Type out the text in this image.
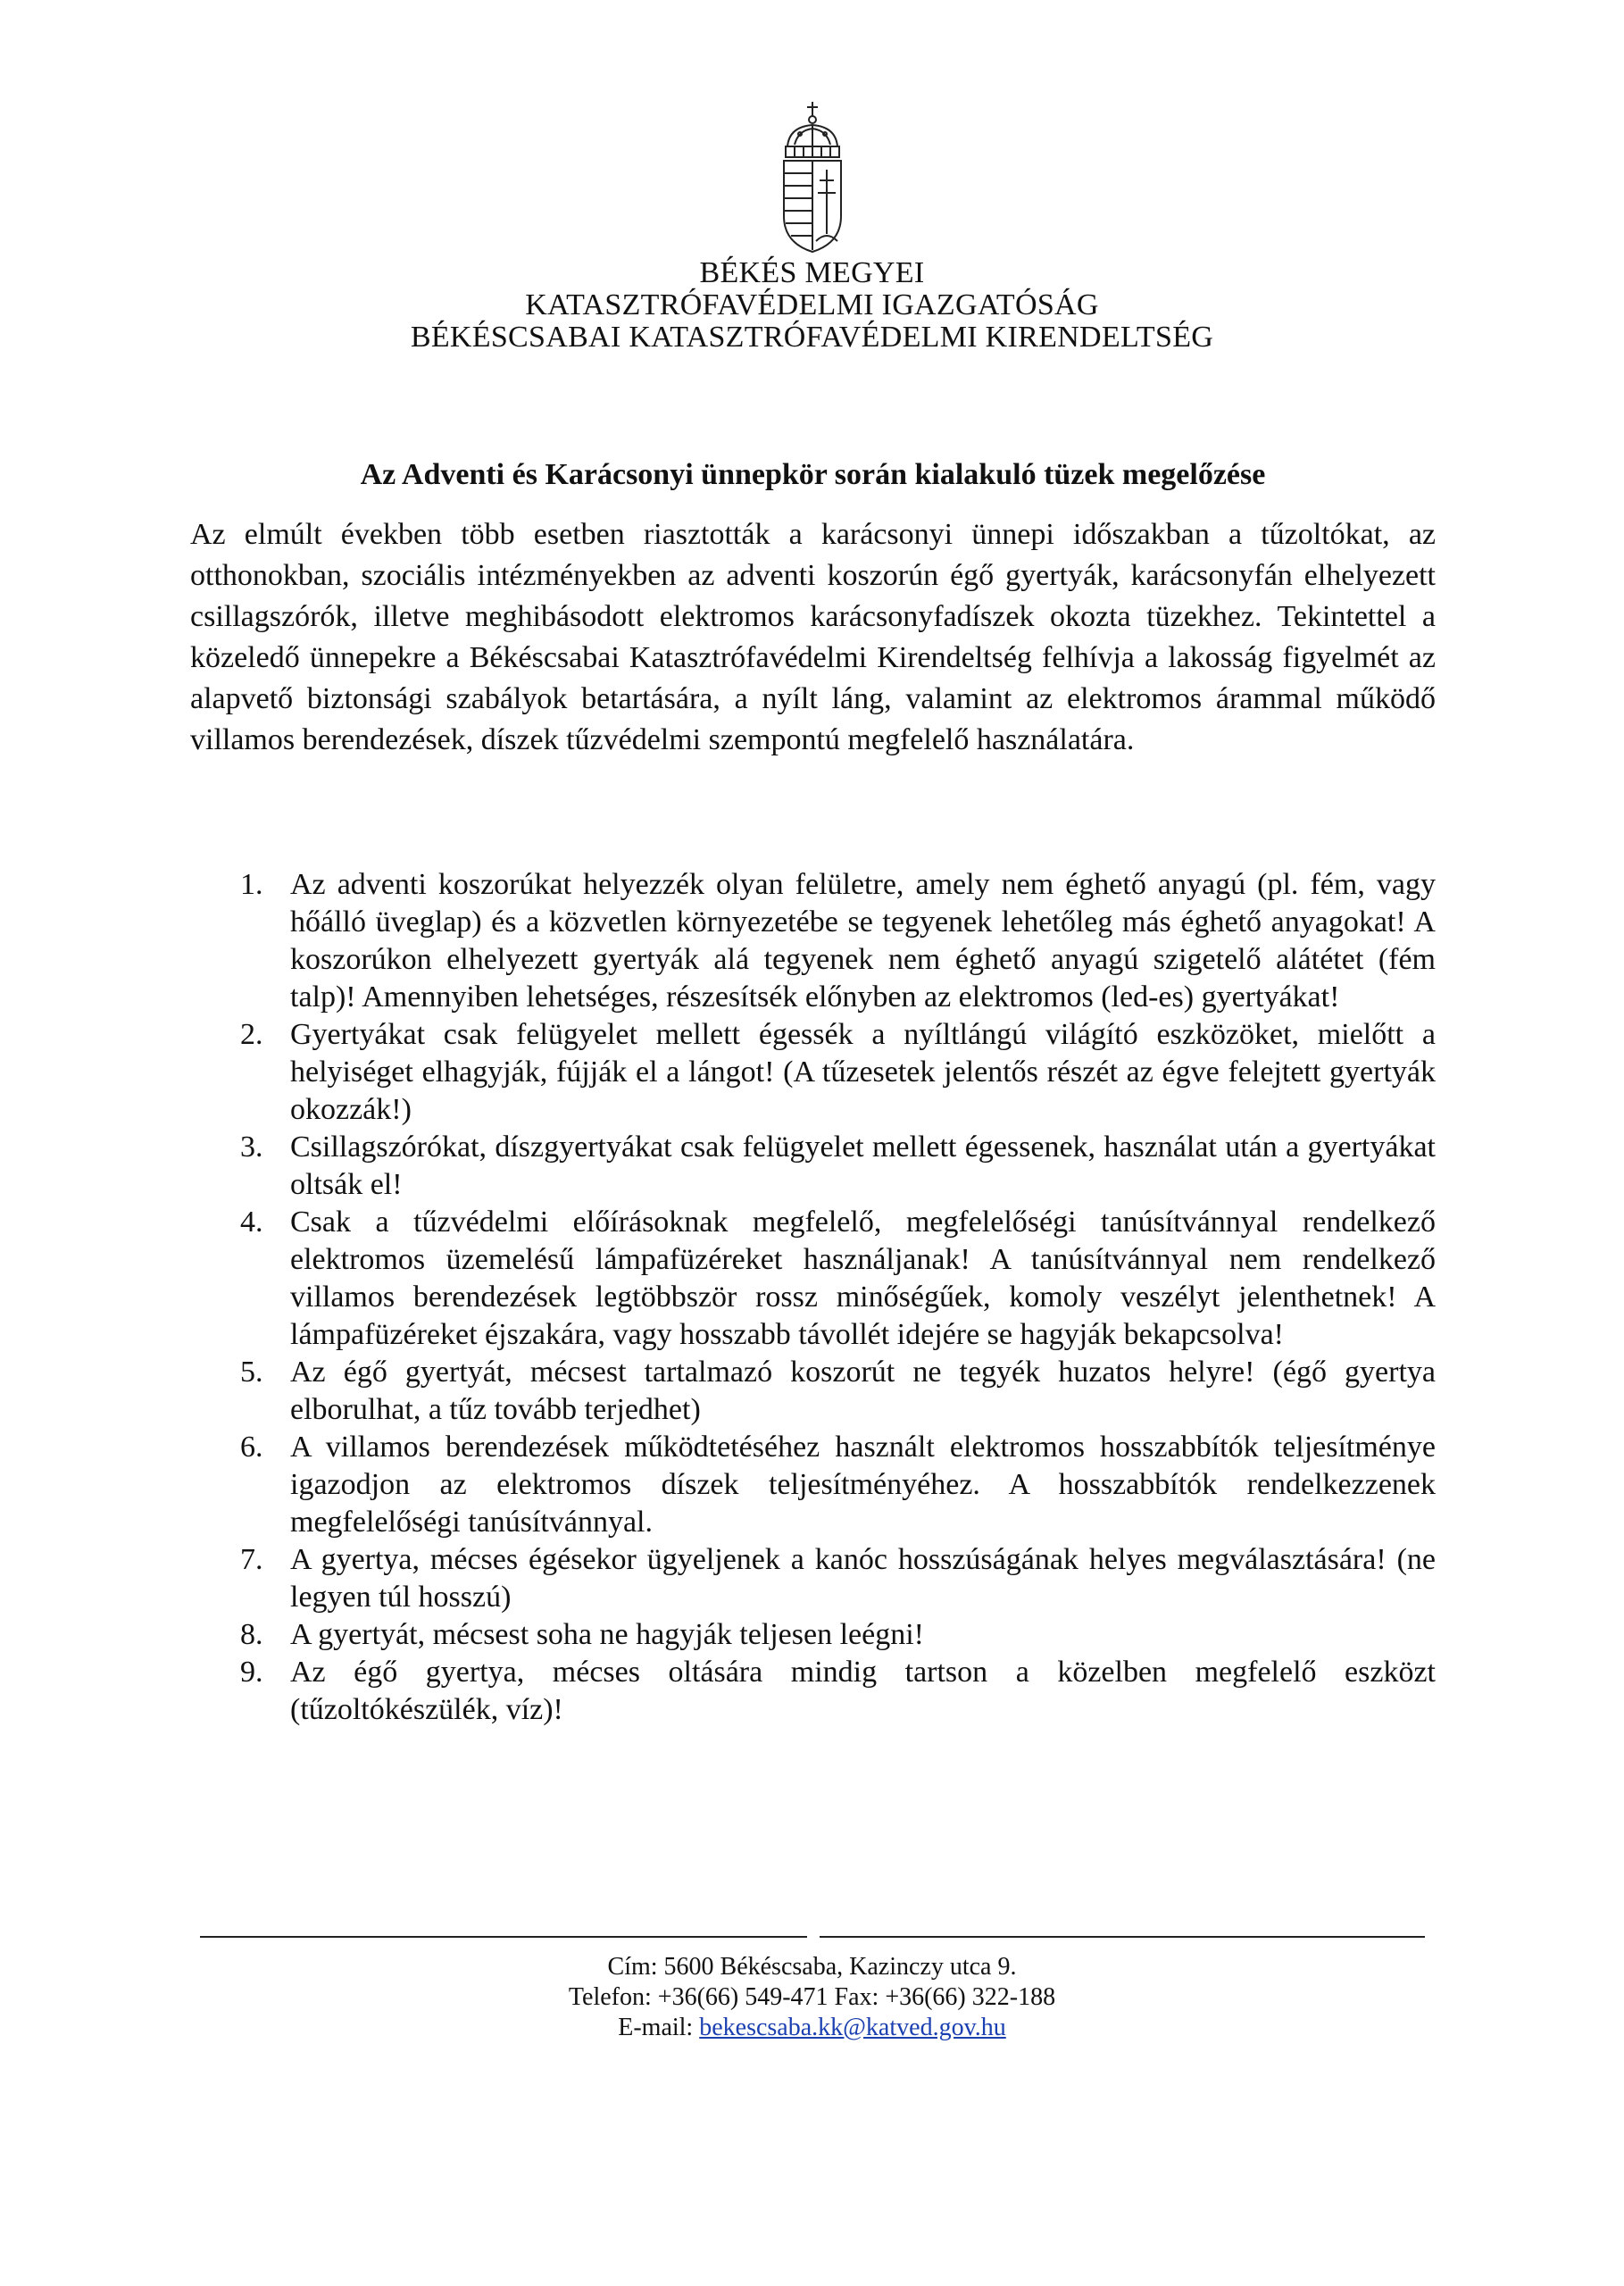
BÉKÉS MEGYEI
KATASZTRÓFAVÉDELMI IGAZGATÓSÁG
BÉKÉSCSABAI KATASZTRÓFAVÉDELMI KIRENDELTSÉG
Az Adventi és Karácsonyi ünnepkör során kialakuló tüzek megelőzése

Az elmúlt években több esetben riasztották a karácsonyi ünnepi időszakban a tűzoltókat, az otthonokban, szociális intézményekben az adventi koszorún égő gyertyák, karácsonyfán elhelyezett csillagszórók, illetve meghibásodott elektromos karácsonyfadíszek okozta tüzekhez. Tekintettel a közeledő ünnepekre a Békéscsabai Katasztrófavédelmi Kirendeltség felhívja a lakosság figyelmét az alapvető biztonsági szabályok betartására, a nyílt láng, valamint az elektromos árammal működő villamos berendezések, díszek tűzvédelmi szempontú megfelelő használatára.

1. Az adventi koszorúkat helyezzék olyan felületre, amely nem éghető anyagú (pl. fém, vagy hőálló üveglap) és a közvetlen környezetébe se tegyenek lehetőleg más éghető anyagokat! A koszorúkon elhelyezett gyertyák alá tegyenek nem éghető anyagú szigetelő alátétet (fém talp)! Amennyiben lehetséges, részesítsék előnyben az elektromos (led-es) gyertyákat!
2. Gyertyákat csak felügyelet mellett égessék a nyíltlángú világító eszközöket, mielőtt a helyiséget elhagyják, fújják el a lángot! (A tűzesetek jelentős részét az égve felejtett gyertyák okozzák!)
3. Csillagszórókat, díszgyertyákat csak felügyelet mellett égessenek, használat után a gyertyákat oltsák el!
4. Csak a tűzvédelmi előírásoknak megfelelő, megfelelőségi tanúsítvánnyal rendelkező elektromos üzemelésű lámpafüzéreket használjanak! A tanúsítvánnyal nem rendelkező villamos berendezések legtöbbször rossz minőségűek, komoly veszélyt jelenthetnek! A lámpafüzéreket éjszakára, vagy hosszabb távollét idejére se hagyják bekapcsolva!
5. Az égő gyertyát, mécsest tartalmazó koszorút ne tegyék huzatos helyre! (égő gyertya elborulhat, a tűz tovább terjedhet)
6. A villamos berendezések működtetéséhez használt elektromos hosszabbítók teljesítménye igazodjon az elektromos díszek teljesítményéhez. A hosszabbítók rendelkezzenek megfelelőségi tanúsítvánnyal.
7. A gyertya, mécses égésekor ügyeljenek a kanóc hosszúságának helyes megválasztására! (ne legyen túl hosszú)
8. A gyertyát, mécsest soha ne hagyják teljesen leégni!
9. Az égő gyertya, mécses oltására mindig tartson a közelben megfelelő eszközt (tűzoltókészülék, víz)!
Cím: 5600 Békéscsaba, Kazinczy utca 9.
Telefon: +36(66) 549-471 Fax: +36(66) 322-188
E-mail: bekescsaba.kk@katved.gov.hu
